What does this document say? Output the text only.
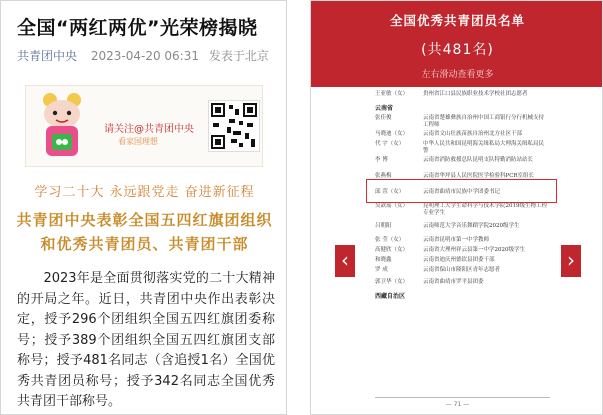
全国“两红两优”光荣榜揭晓
共青团中央 2023-04-20 06:31 发表于北京
请关注@共青团中央
看家国理想
学习二十大 永远跟党走 奋进新征程
共青团中央表彰全国五四红旗团组织
和优秀共青团员、共青团干部
　　2023年是全面贯彻落实党的二十大精神的开局之年。近日，共青团中央作出表彰决定，授予296个团组织全国五四红旗团委称号；授予389个团组织全国五四红旗团支部称号；授予481名同志（含追授1名）全国优秀共青团员称号；授予342名同志全国优秀共青团干部称号。
全国优秀共青团员名单
(共481名)
左右滑动查看更多
王亚敏（女）	贵州省江口县民族职业技术学校社团志愿者
云南省
张佳俊	云南省楚雄彝族自治州中国工商银行分行机械支持工程师
马晓迪（女）	云南省文山壮族苗族自治州北方社区干部
代 宇（女）	中华人民共和国昆明海关缉私局大理海关缉私局民警
李 博	云南省消防救援总队昆明支队特勤消防站站长
张燕梅	云南省华坪县人民医院医学检验科PCR室组长
邱 萱（女）	云南省曲靖市民族中学团委书记
吴歆瑶（女）	昆明理工大学生命科学与技术学院2019级生物工程专业学生
吕朝阳	云南师范大学音乐舞蹈学院2020级学生
张 莹（女）	云南省昆明市第一中学教师
高健欣（女）	云南省大理州祥云县第一中学2020级学生
和晓鑫	云南省迪庆州德钦县团委干部
罗 成	云南省保山市隆阳区青年志愿者
郭卫华（女）	云南省曲靖市罗平县团委
西藏自治区
‹	›
— 71 —
